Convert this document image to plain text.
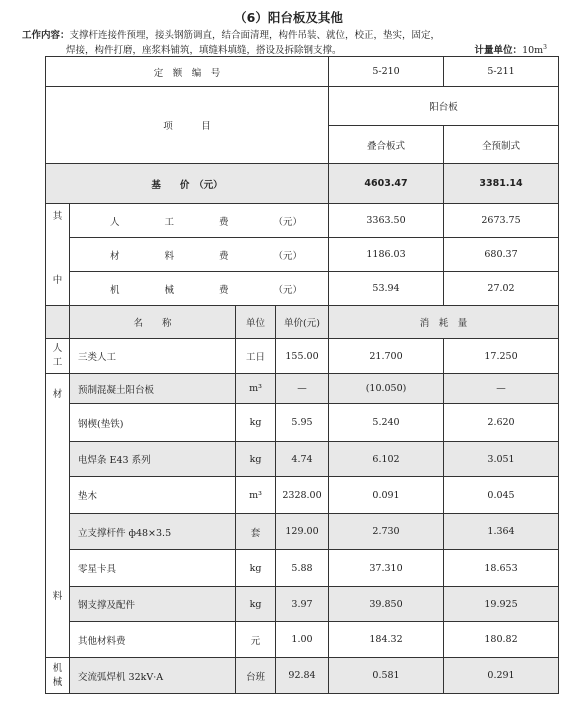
（6）阳台板及其他
工作内容：支撑杆连接件预埋，接头钢筋调直，结合面清理，构件吊装、就位，校正，垫实，固定，
焊接，构件打磨，座浆料铺筑，填缝料填缝，搭设及拆除钢支撑。	计量单位：$10m^3$
定　额　编　号				5-210	5-211
项　　　目				阳台板	
				叠合板式	全预制式
基　　价　（元）				4603.47	3381.14

其
中	人 工 费 （元）			3363.50	2673.75

	材 料 费 （元）			1186.03	680.37

	机 械 费 （元）			53.94	27.02
	名　　称	单位	单价(元)	消　耗　量	

人
工	三类人工	工日	155.00	21.700	17.250

材
料	预制混凝土阳台板	m³	—	(10.050)	—
	钢楔(垫铁)	kg	5.95	5.240	2.620
	电焊条 E43 系列	kg	4.74	6.102	3.051
	垫木	m³	2328.00	0.091	0.045
	立支撑杆件 ф48×3.5	套	129.00	2.730	1.364
	零星卡具	kg	5.88	37.310	18.653
	钢支撑及配件	kg	3.97	39.850	19.925
	其他材料费	元	1.00	184.32	180.82

机
械	交流弧焊机 32kV·A	台班	92.84	0.581	0.291
